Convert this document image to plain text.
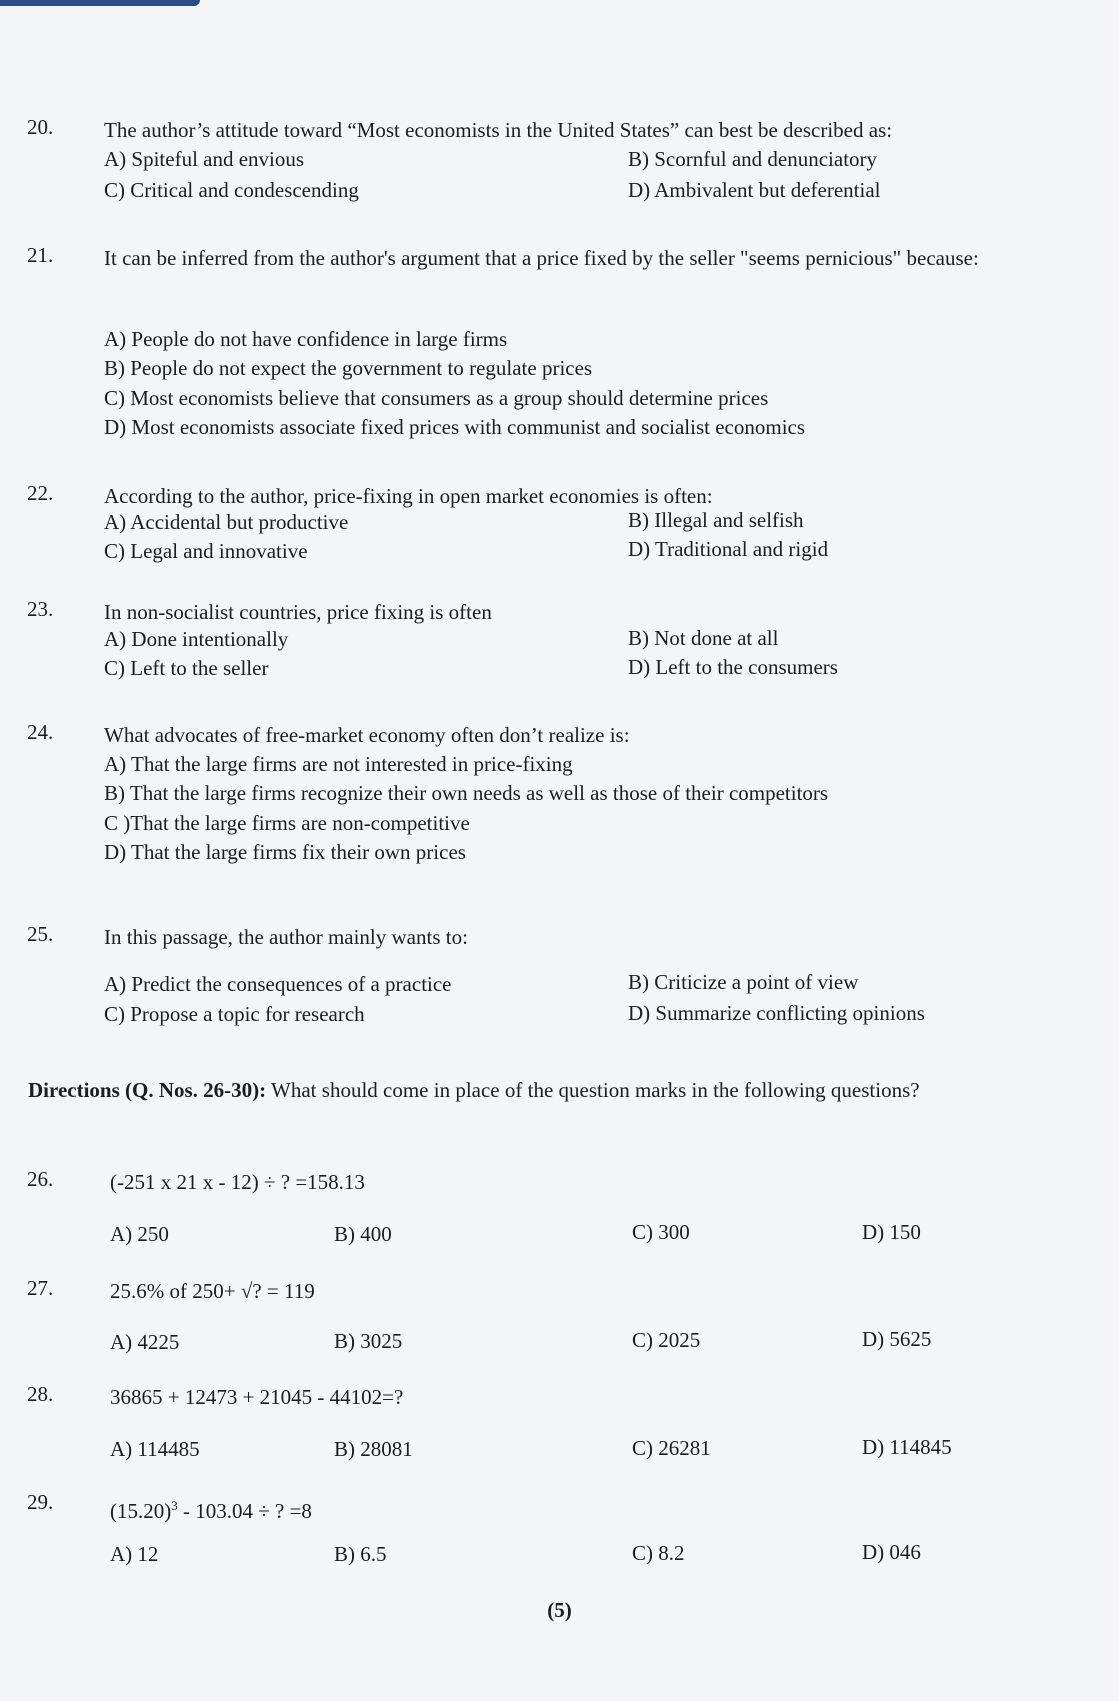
20. The author’s attitude toward “Most economists in the United States” can best be described as:
A) Spiteful and envious	B) Scornful and denunciatory
C) Critical and condescending	D) Ambivalent but deferential
21. It can be inferred from the author's argument that a price fixed by the seller "seems pernicious" because:
A) People do not have confidence in large firms
B) People do not expect the government to regulate prices
C) Most economists believe that consumers as a group should determine prices
D) Most economists associate fixed prices with communist and socialist economics
22. According to the author, price-fixing in open market economies is often:
A) Accidental but productive	B) Illegal and selfish
C) Legal and innovative	D) Traditional and rigid
23. In non-socialist countries, price fixing is often
A) Done intentionally	B) Not done at all
C) Left to the seller	D) Left to the consumers
24. What advocates of free-market economy often don’t realize is:
A) That the large firms are not interested in price-fixing
B) That the large firms recognize their own needs as well as those of their competitors
C )That the large firms are non-competitive
D) That the large firms fix their own prices
25. In this passage, the author mainly wants to:
A) Predict the consequences of a practice	B) Criticize a point of view
C) Propose a topic for research	D) Summarize conflicting opinions
Directions (Q. Nos. 26-30): What should come in place of the question marks in the following questions?
26.	(-251 x 21 x - 12) ÷ ? =158.13
A) 250	B) 400	C) 300	D) 150
27.	25.6% of 250+ √? = 119
A) 4225	B) 3025	C) 2025	D) 5625
28.	36865 + 12473 + 21045 - 44102=?
A) 114485	B) 28081	C) 26281	D) 114845
29.	$(15.20)^3 - 103.04$ ÷ ? =8
A) 12	B) 6.5	C) 8.2	D) 046
(5)
